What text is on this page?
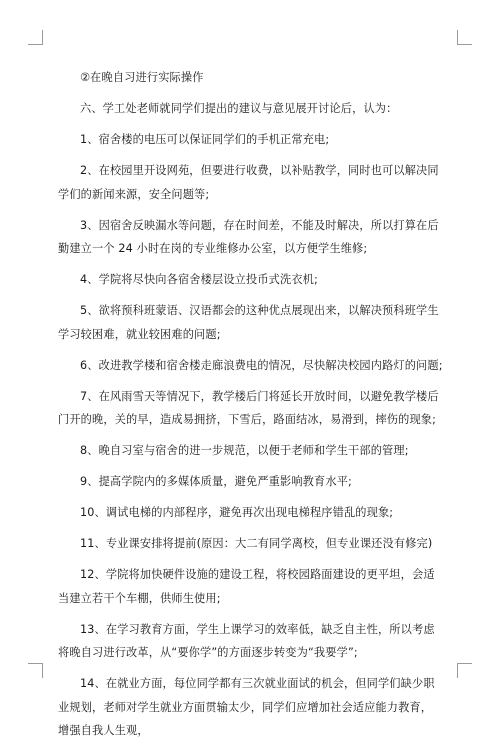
②在晚自习进行实际操作

六、学工处老师就同学们提出的建议与意见展开讨论后，认为：

1、宿舍楼的电压可以保证同学们的手机正常充电;

2、在校园里开设网苑，但要进行收费，以补贴教学，同时也可以解决同学们的新闻来源，安全问题等;

3、因宿舍反映漏水等问题，存在时间差，不能及时解决，所以打算在后勤建立一个 24 小时在岗的专业维修办公室，以方便学生维修;

4、学院将尽快向各宿舍楼层设立投币式洗衣机;

5、欲将预科班蒙语、汉语都会的这种优点展现出来，以解决预科班学生学习较困难，就业较困难的问题;

6、改进教学楼和宿舍楼走廊浪费电的情况，尽快解决校园内路灯的问题;

7、在风雨雪天等情况下，教学楼后门将延长开放时间，以避免教学楼后门开的晚，关的早，造成易拥挤，下雪后，路面结冰，易滑到，摔伤的现象;

8、晚自习室与宿舍的进一步规范，以便于老师和学生干部的管理;

9、提高学院内的多媒体质量，避免严重影响教育水平;

10、调试电梯的内部程序，避免再次出现电梯程序错乱的现象;

11、专业课安排将提前(原因：大二有同学离校，但专业课还没有修完)

12、学院将加快硬件设施的建设工程，将校园路面建设的更平坦，会适当建立若干个车棚，供师生使用;

13、在学习教育方面，学生上课学习的效率低，缺乏自主性，所以考虑将晚自习进行改革，从“要你学”的方面逐步转变为“我要学”;

14、在就业方面，每位同学都有三次就业面试的机会，但同学们缺少职业规划，老师对学生就业方面贯输太少，同学们应增加社会适应能力教育，增强自我人生观，
